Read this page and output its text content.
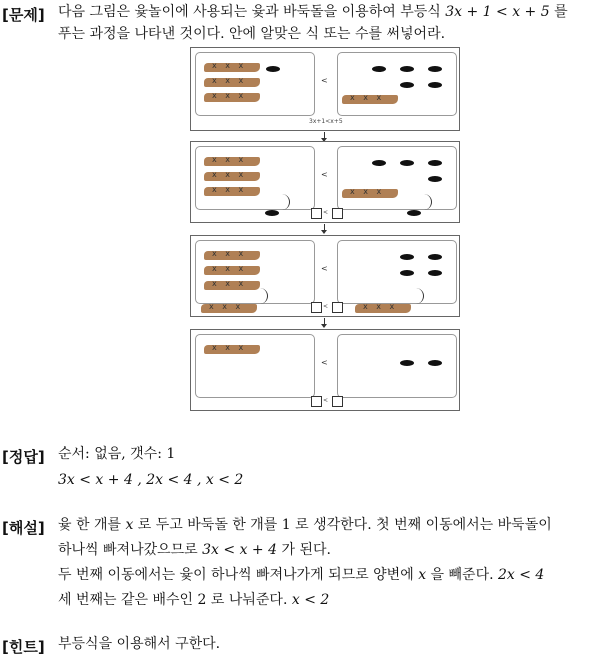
[문제] 다음 그림은 윷놀이에 사용되는 윷과 바둑돌을 이용하여 부등식 3x + 1 < x + 5 를
푸는 과정을 나타낸 것이다. 안에 알맞은 식 또는 수를 써넣어라.
x x x
x x x
x x x	x x x
<
3x+1<x+5
x x x
x x x
x x x	x x x
<
<
x x x
x x x
x x x
<
<
x x x	x x x
x x x
<
<
[정답] 순서: 없음, 갯수: 1
3x < x + 4 , 2x < 4 , x < 2
[해설] 윷 한 개를 x 로 두고 바둑돌 한 개를 1 로 생각한다. 첫 번째 이동에서는 바둑돌이
하나씩 빠져나갔으므로 3x < x + 4 가 된다.
두 번째 이동에서는 윷이 하나씩 빠져나가게 되므로 양변에 x 을 빼준다. 2x < 4
세 번째는 같은 배수인 2 로 나눠준다. x < 2
[힌트] 부등식을 이용해서 구한다.
